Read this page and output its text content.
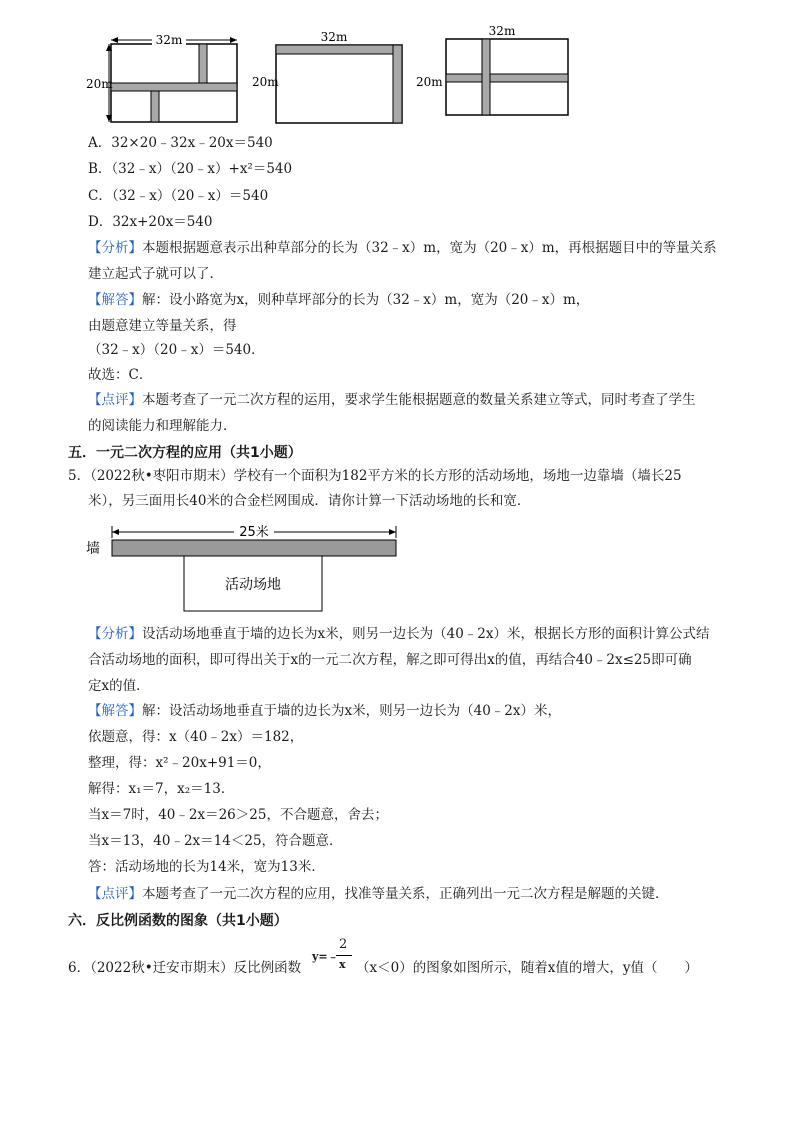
32m
20m
32m
20m
32m
20m
A．32×20﹣32x﹣20x＝540
B．（32﹣x）（20﹣x）+x²＝540
C．（32﹣x）（20﹣x）＝540
D．32x+20x＝540
【分析】本题根据题意表示出种草部分的长为（32﹣x）m，宽为（20﹣x）m，再根据题目中的等量关系
建立起式子就可以了．
【解答】解：设小路宽为x，则种草坪部分的长为（32﹣x）m，宽为（20﹣x）m，
由题意建立等量关系，得
（32﹣x）（20﹣x）＝540．
故选：C．
【点评】本题考查了一元二次方程的运用，要求学生能根据题意的数量关系建立等式，同时考查了学生
的阅读能力和理解能力．
五．一元二次方程的应用（共1小题）
5．（2022秋•枣阳市期末）学校有一个面积为182平方米的长方形的活动场地，场地一边靠墙（墙长25
米），另三面用长40米的合金栏网围成．请你计算一下活动场地的长和宽．
25米
墙
活动场地
【分析】设活动场地垂直于墙的边长为x米，则另一边长为（40﹣2x）米，根据长方形的面积计算公式结
合活动场地的面积，即可得出关于x的一元二次方程，解之即可得出x的值，再结合40﹣2x≤25即可确
定x的值．
【解答】解：设活动场地垂直于墙的边长为x米，则另一边长为（40﹣2x）米，
依题意，得：x（40﹣2x）＝182，
整理，得：x²﹣20x+91＝0，
解得：x₁＝7，x₂＝13．
当x＝7时，40﹣2x＝26＞25，不合题意，舍去；
当x＝13，40﹣2x＝14＜25，符合题意．
答：活动场地的长为14米，宽为13米．
【点评】本题考查了一元二次方程的应用，找准等量关系，正确列出一元二次方程是解题的关键．
六．反比例函数的图象（共1小题）
6．（2022秋•迁安市期末）反比例函数
y=﹣
2
x （x＜0）的图象如图所示，随着x值的增大，y值（　　）
